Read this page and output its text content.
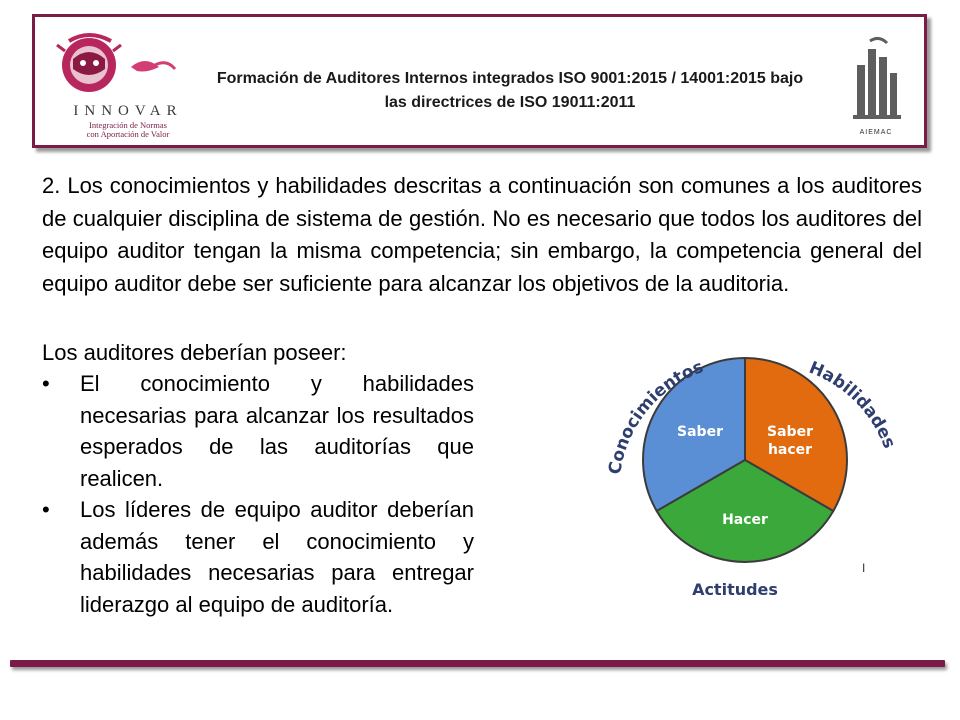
INNOVAR
Integración de Normas
con Aportación de Valor
Formación de Auditores Internos integrados ISO 9001:2015 / 14001:2015 bajo las directrices de ISO 19011:2011
AIEMAC
2. Los conocimientos y habilidades descritas a continuación son comunes a los auditores de cualquier disciplina de sistema de gestión. No es necesario que todos los auditores del equipo auditor tengan la misma competencia; sin embargo, la competencia general del equipo auditor debe ser suficiente para alcanzar los objetivos de la auditoria.
Los auditores deberían poseer:
• El conocimiento y habilidades necesarias para alcanzar los resultados esperados de las auditorías que realicen.
• Los líderes de equipo auditor deberían además tener el conocimiento y habilidades necesarias para entregar liderazgo al equipo de auditoría.
Saber	Saber
hacer
Hacer
Conocimientos	Habilidades
Actitudes
I
